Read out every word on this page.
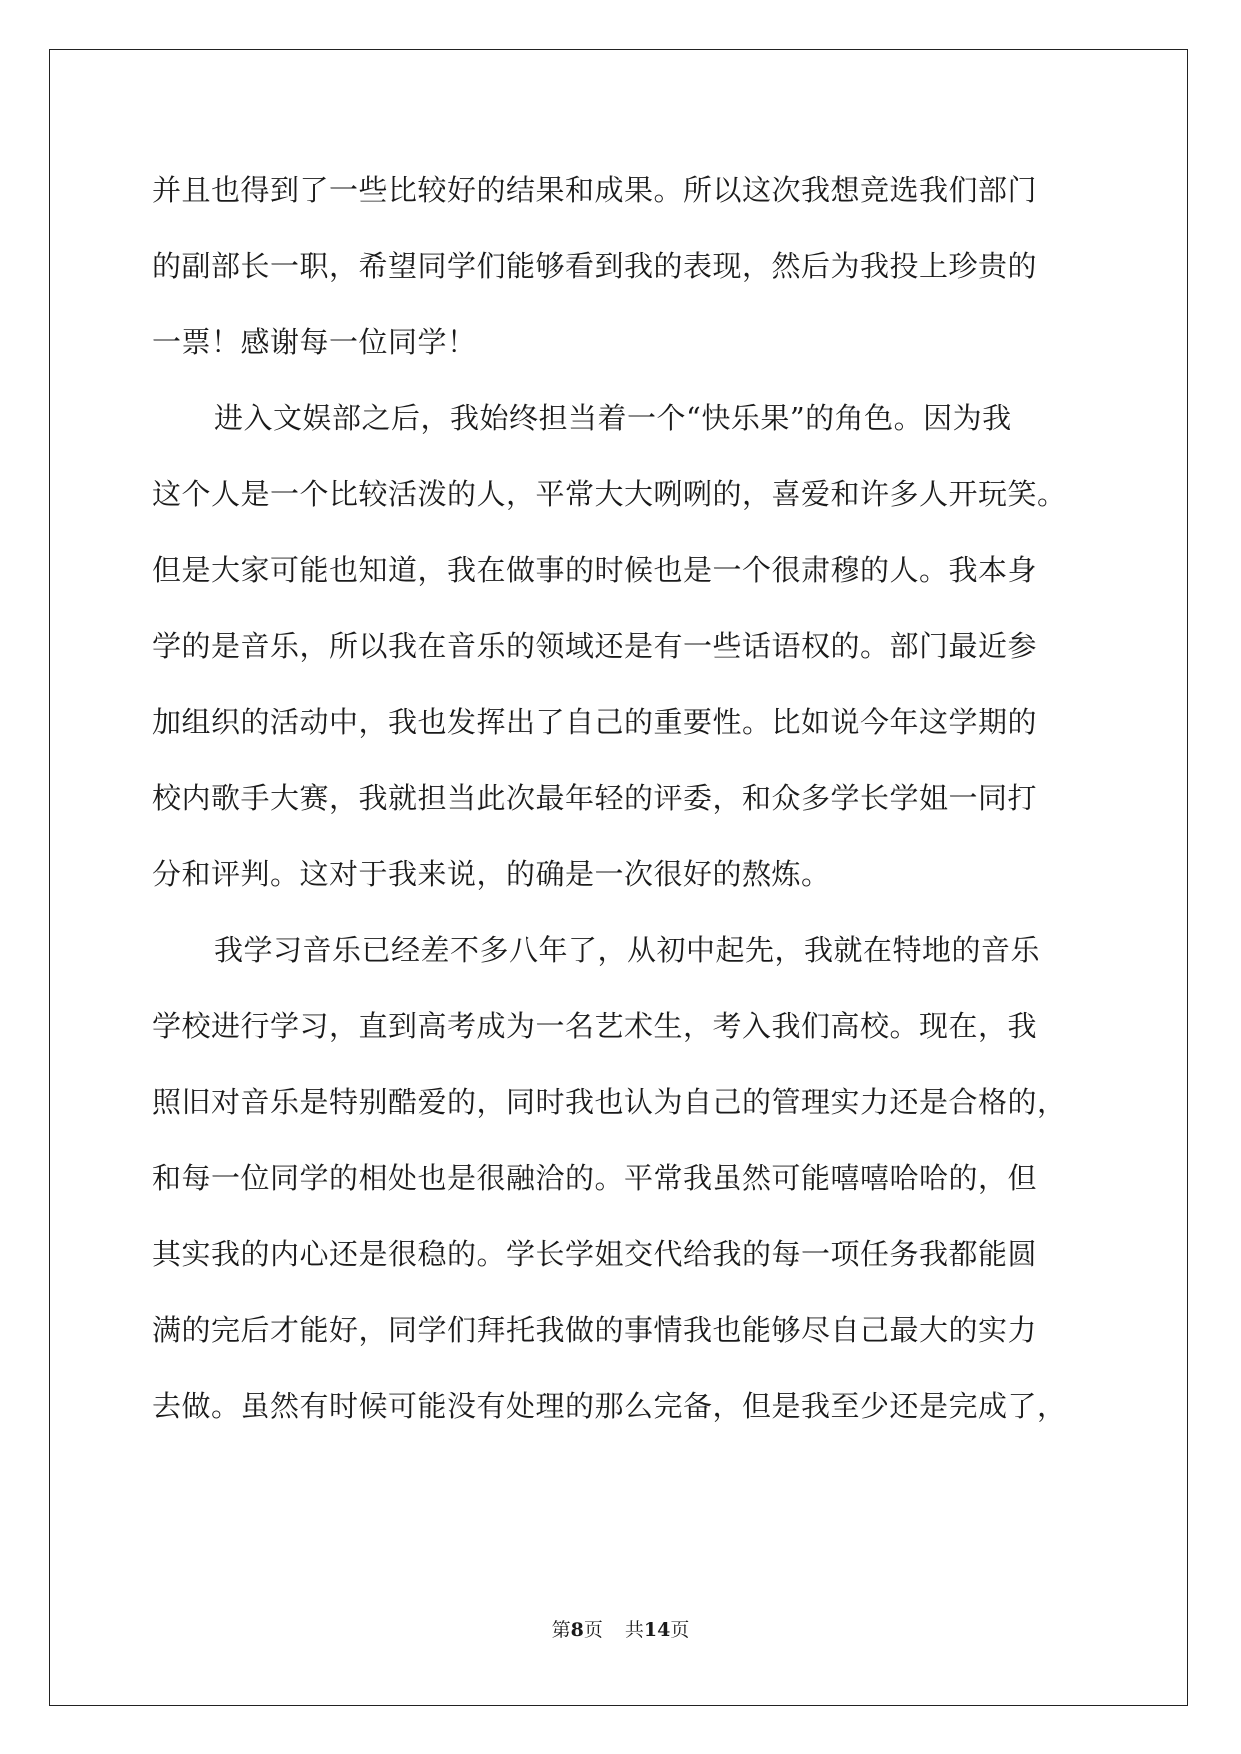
并且也得到了一些比较好的结果和成果。所以这次我想竞选我们部门
的副部长一职，希望同学们能够看到我的表现，然后为我投上珍贵的
一票！感谢每一位同学！
进入文娱部之后，我始终担当着一个“快乐果”的角色。因为我
这个人是一个比较活泼的人，平常大大咧咧的，喜爱和许多人开玩笑。
但是大家可能也知道，我在做事的时候也是一个很肃穆的人。我本身
学的是音乐，所以我在音乐的领域还是有一些话语权的。部门最近参
加组织的活动中，我也发挥出了自己的重要性。比如说今年这学期的
校内歌手大赛，我就担当此次最年轻的评委，和众多学长学姐一同打
分和评判。这对于我来说，的确是一次很好的熬炼。
我学习音乐已经差不多八年了，从初中起先，我就在特地的音乐
学校进行学习，直到高考成为一名艺术生，考入我们高校。现在，我
照旧对音乐是特别酷爱的，同时我也认为自己的管理实力还是合格的，
和每一位同学的相处也是很融洽的。平常我虽然可能嘻嘻哈哈的，但
其实我的内心还是很稳的。学长学姐交代给我的每一项任务我都能圆
满的完后才能好，同学们拜托我做的事情我也能够尽自己最大的实力
去做。虽然有时候可能没有处理的那么完备，但是我至少还是完成了，
第8页 共14页
